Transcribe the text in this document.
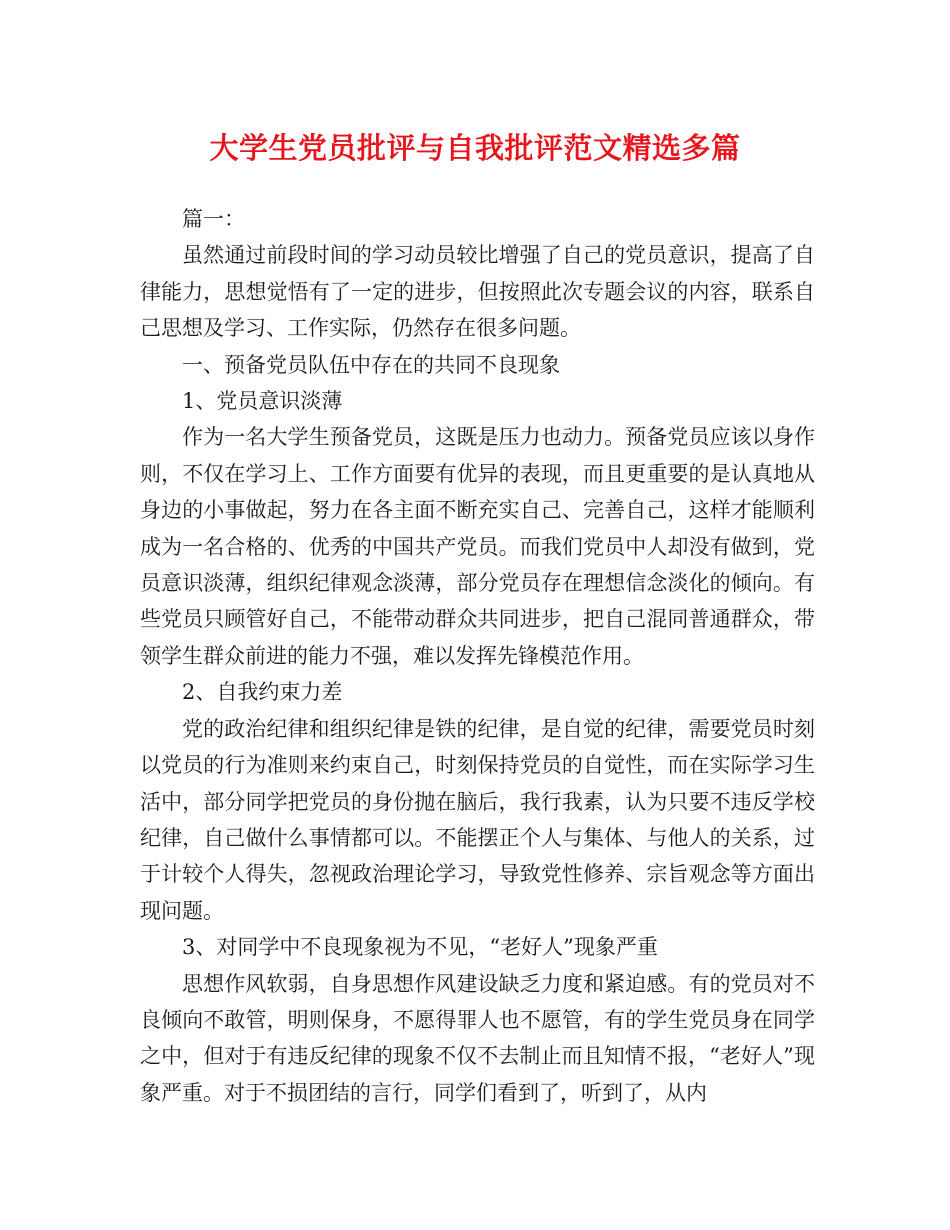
大学生党员批评与自我批评范文精选多篇

篇一：

虽然通过前段时间的学习动员较比增强了自己的党员意识，提高了自律能力，思想觉悟有了一定的进步，但按照此次专题会议的内容，联系自己思想及学习、工作实际，仍然存在很多问题。

一、预备党员队伍中存在的共同不良现象

1、党员意识淡薄

作为一名大学生预备党员，这既是压力也动力。预备党员应该以身作则，不仅在学习上、工作方面要有优异的表现，而且更重要的是认真地从身边的小事做起，努力在各主面不断充实自己、完善自己，这样才能顺利成为一名合格的、优秀的中国共产党员。而我们党员中人却没有做到，党员意识淡薄，组织纪律观念淡薄，部分党员存在理想信念淡化的倾向。有些党员只顾管好自己，不能带动群众共同进步，把自己混同普通群众，带领学生群众前进的能力不强，难以发挥先锋模范作用。

2、自我约束力差

党的政治纪律和组织纪律是铁的纪律，是自觉的纪律，需要党员时刻以党员的行为准则来约束自己，时刻保持党员的自觉性，而在实际学习生活中，部分同学把党员的身份抛在脑后，我行我素，认为只要不违反学校纪律，自己做什么事情都可以。不能摆正个人与集体、与他人的关系，过于计较个人得失，忽视政治理论学习，导致党性修养、宗旨观念等方面出现问题。

3、对同学中不良现象视为不见，“老好人”现象严重

思想作风软弱，自身思想作风建设缺乏力度和紧迫感。有的党员对不良倾向不敢管，明则保身，不愿得罪人也不愿管，有的学生党员身在同学之中，但对于有违反纪律的现象不仅不去制止而且知情不报，“老好人”现象严重。对于不损团结的言行，同学们看到了，听到了，从内
